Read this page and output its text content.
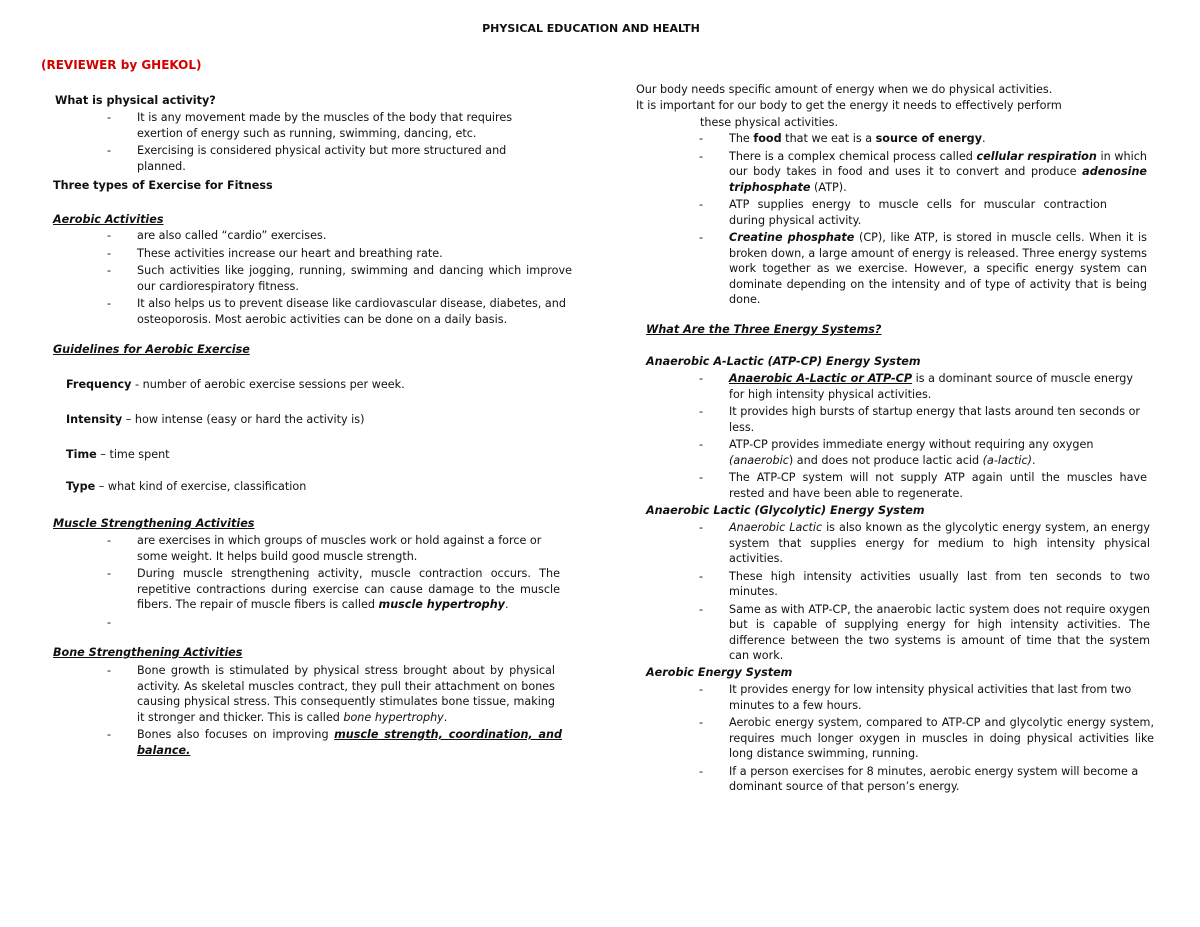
PHYSICAL EDUCATION AND HEALTH
(REVIEWER by GHEKOL)
What is physical activity?
- It is any movement made by the muscles of the body that requires exertion of energy such as running, swimming, dancing, etc.
- Exercising is considered physical activity but more structured and planned.
Three types of Exercise for Fitness
Aerobic Activities
- are also called “cardio” exercises.
- These activities increase our heart and breathing rate.
- Such activities like jogging, running, swimming and dancing which improve our cardiorespiratory fitness.
- It also helps us to prevent disease like cardiovascular disease, diabetes, and osteoporosis. Most aerobic activities can be done on a daily basis.
Guidelines for Aerobic Exercise
Frequency - number of aerobic exercise sessions per week.
Intensity – how intense (easy or hard the activity is)
Time – time spent
Type – what kind of exercise, classification
Muscle Strengthening Activities
- are exercises in which groups of muscles work or hold against a force or some weight. It helps build good muscle strength.
- During muscle strengthening activity, muscle contraction occurs. The repetitive contractions during exercise can cause damage to the muscle fibers. The repair of muscle fibers is called muscle hypertrophy.
-
Bone Strengthening Activities
- Bone growth is stimulated by physical stress brought about by physical activity. As skeletal muscles contract, they pull their attachment on bones causing physical stress. This consequently stimulates bone tissue, making it stronger and thicker. This is called bone hypertrophy.
- Bones also focuses on improving muscle strength, coordination, and balance.
Our body needs specific amount of energy when we do physical activities.
It is important for our body to get the energy it needs to effectively perform
these physical activities.
- The food that we eat is a source of energy.
- There is a complex chemical process called cellular respiration in which our body takes in food and uses it to convert and produce adenosine triphosphate (ATP).
- ATP supplies energy to muscle cells for muscular contraction during physical activity.
- Creatine phosphate (CP), like ATP, is stored in muscle cells. When it is broken down, a large amount of energy is released. Three energy systems work together as we exercise. However, a specific energy system can dominate depending on the intensity and of type of activity that is being done.
What Are the Three Energy Systems?
Anaerobic A-Lactic (ATP-CP) Energy System
- Anaerobic A-Lactic or ATP-CP is a dominant source of muscle energy for high intensity physical activities.
- It provides high bursts of startup energy that lasts around ten seconds or less.
- ATP-CP provides immediate energy without requiring any oxygen (anaerobic) and does not produce lactic acid (a-lactic).
- The ATP-CP system will not supply ATP again until the muscles have rested and have been able to regenerate.
Anaerobic Lactic (Glycolytic) Energy System
- Anaerobic Lactic is also known as the glycolytic energy system, an energy system that supplies energy for medium to high intensity physical activities.
- These high intensity activities usually last from ten seconds to two minutes.
- Same as with ATP-CP, the anaerobic lactic system does not require oxygen but is capable of supplying energy for high intensity activities. The difference between the two systems is amount of time that the system can work.
Aerobic Energy System
- It provides energy for low intensity physical activities that last from two minutes to a few hours.
- Aerobic energy system, compared to ATP-CP and glycolytic energy system, requires much longer oxygen in muscles in doing physical activities like long distance swimming, running.
- If a person exercises for 8 minutes, aerobic energy system will become a dominant source of that person’s energy.
